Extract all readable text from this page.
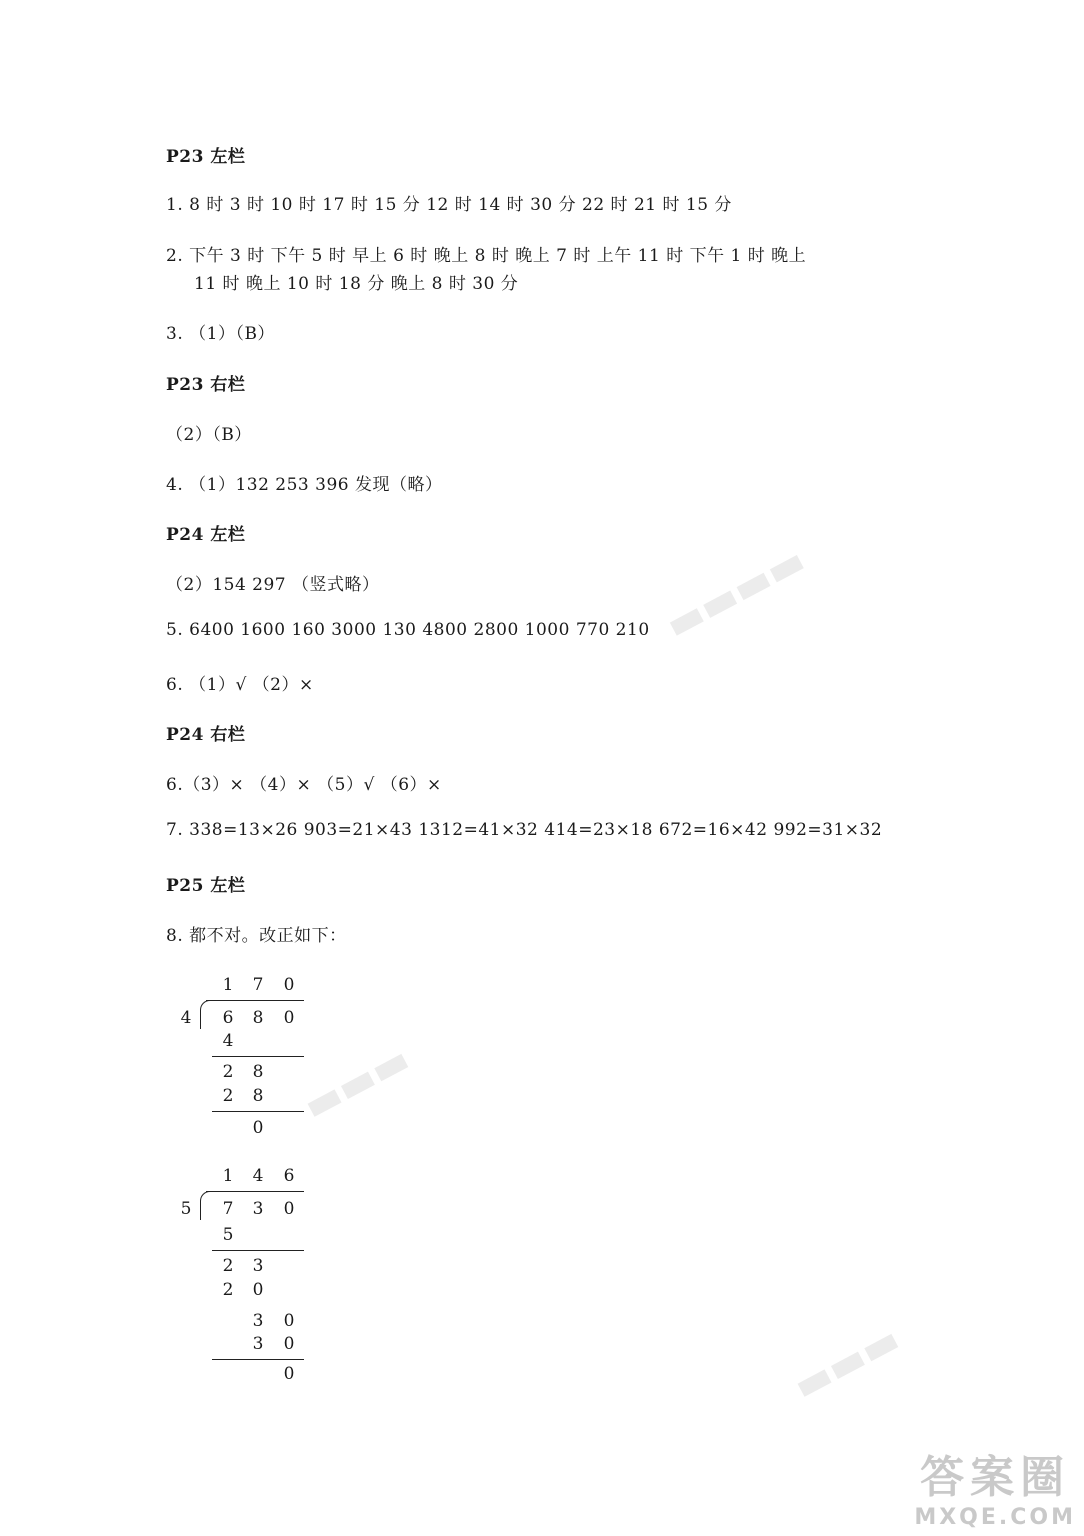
P23 左栏
1. 8 时 3 时 10 时 17 时 15 分 12 时 14 时 30 分 22 时 21 时 15 分
2. 下午 3 时 下午 5 时 早上 6 时 晚上 8 时 晚上 7 时 上午 11 时 下午 1 时 晚上
11 时 晚上 10 时 18 分 晚上 8 时 30 分
3. （1）（B）
P23 右栏
（2）（B）
4. （1）132 253 396 发现（略）
P24 左栏
（2）154 297 （竖式略）
5. 6400 1600 160 3000 130 4800 2800 1000 770 210
6. （1）√ （2）×
P24 右栏
6.（3）× （4）× （5）√ （6）×
7. 338=13×26 903=21×43 1312=41×32 414=23×18 672=16×42 992=31×32
P25 左栏
8. 都不对。改正如下：
1 7 0
4 6 8 0
4
2 8
2 8
0
1 4 6
5 7 3 0
5
2 3
2 0
3 0
3 0
0
▬▬▬▬
▬▬▬
▬▬▬
答案圈
MXQE.COM
